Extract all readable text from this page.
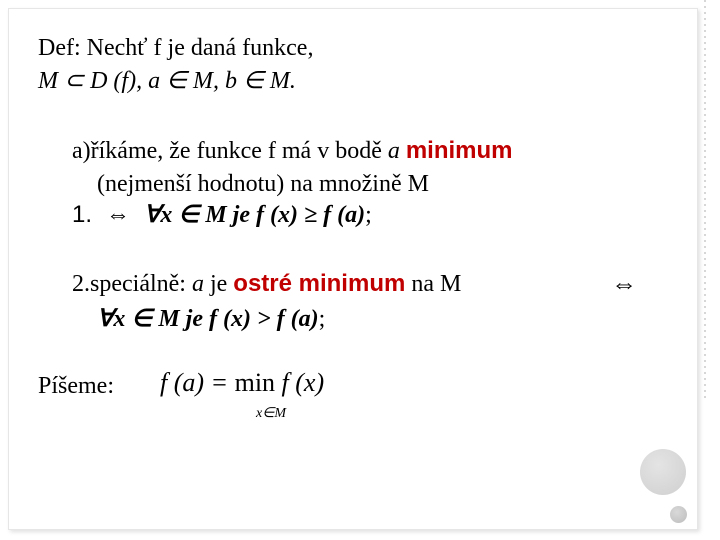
Def: Nechť f je daná funkce,
M ⊂ D (f), a ∈ M, b ∈ M.
a)říkáme, že funkce f má v bodě a minimum
(nejmenší hodnotu) na množině M
1. ⇔ ∀x ∈ M je f (x) ≥ f (a);
2.speciálně: a je ostré minimum na M	⇔
∀x ∈ M je f (x) > f (a);
Píšeme: f (a) = min f (x)
x∈M
